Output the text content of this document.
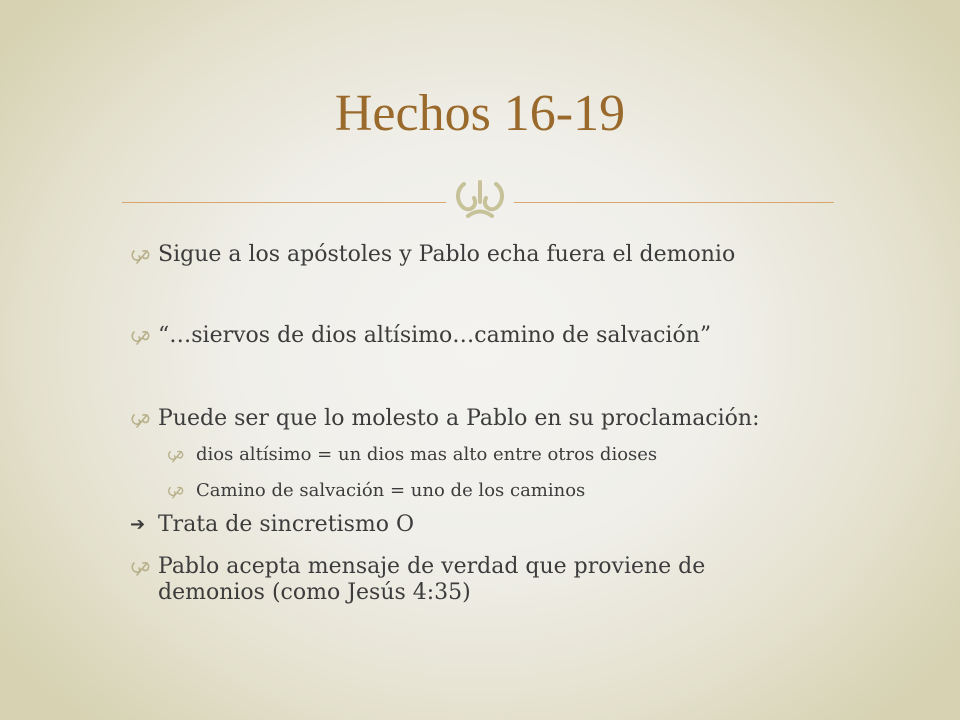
Hechos 16-19
Sigue a los apóstoles y Pablo echa fuera el demonio
“…siervos de dios altísimo…camino de salvación”
Puede ser que lo molesto a Pablo en su proclamación:
dios altísimo = un dios mas alto entre otros dioses
Camino de salvación = uno de los caminos
➔ Trata de sincretismo O
Pablo acepta mensaje de verdad que proviene de demonios (como Jesús 4:35)
